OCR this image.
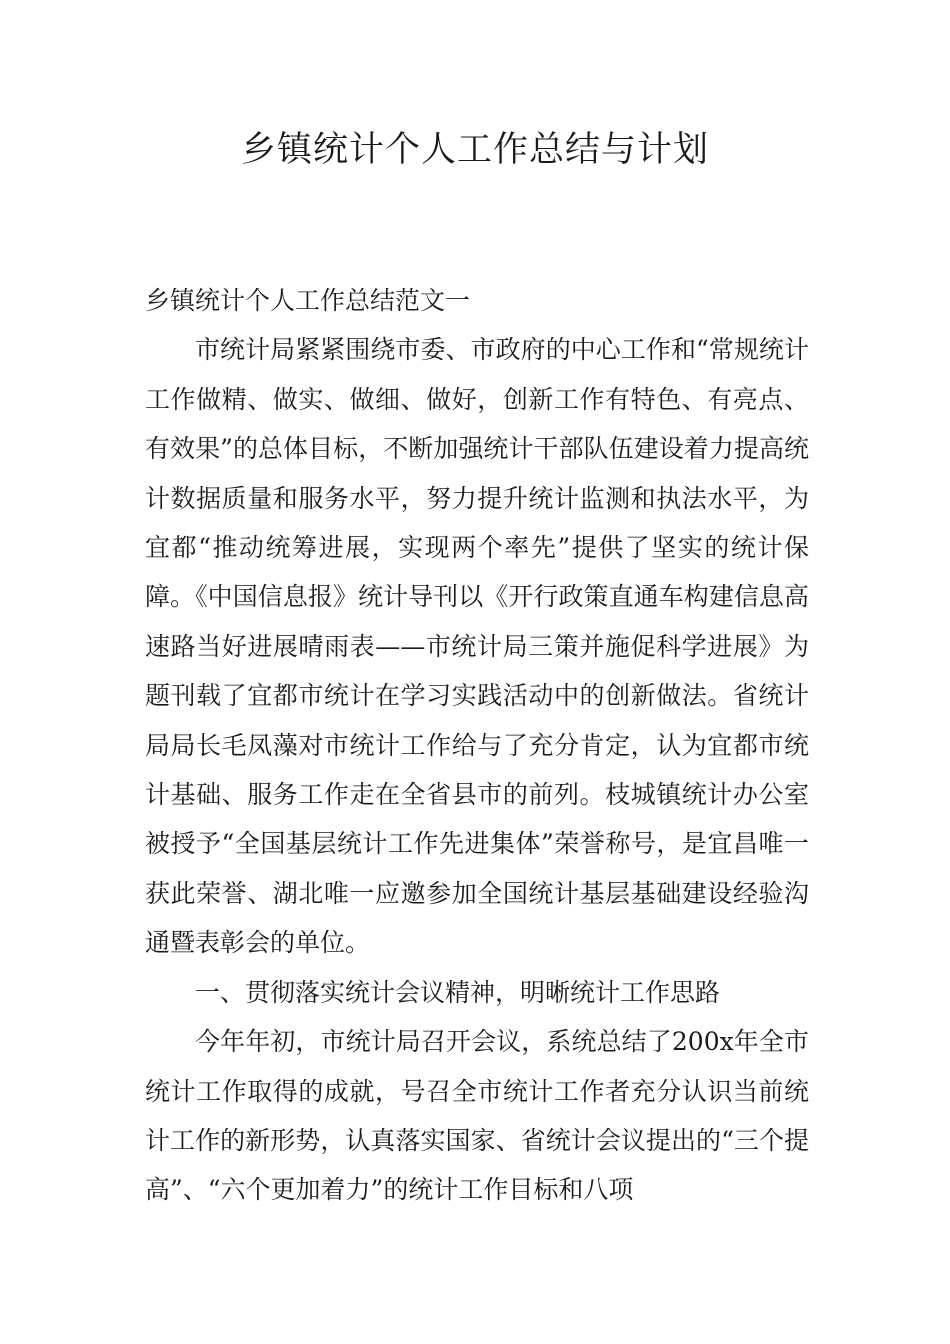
乡镇统计个人工作总结与计划

乡镇统计个人工作总结范文一

市统计局紧紧围绕市委、市政府的中心工作和“常规统计工作做精、做实、做细、做好，创新工作有特色、有亮点、有效果”的总体目标，不断加强统计干部队伍建设着力提高统计数据质量和服务水平，努力提升统计监测和执法水平，为宜都“推动统筹进展，实现两个率先”提供了坚实的统计保障。《中国信息报》统计导刊以《开行政策直通车构建信息高速路当好进展晴雨表——市统计局三策并施促科学进展》为题刊载了宜都市统计在学习实践活动中的创新做法。省统计局局长毛凤藻对市统计工作给与了充分肯定，认为宜都市统计基础、服务工作走在全省县市的前列。枝城镇统计办公室被授予“全国基层统计工作先进集体”荣誉称号，是宜昌唯一获此荣誉、湖北唯一应邀参加全国统计基层基础建设经验沟通暨表彰会的单位。

一、贯彻落实统计会议精神，明晰统计工作思路

今年年初，市统计局召开会议，系统总结了200x年全市统计工作取得的成就，号召全市统计工作者充分认识当前统计工作的新形势，认真落实国家、省统计会议提出的“三个提高”、“六个更加着力”的统计工作目标和八项
